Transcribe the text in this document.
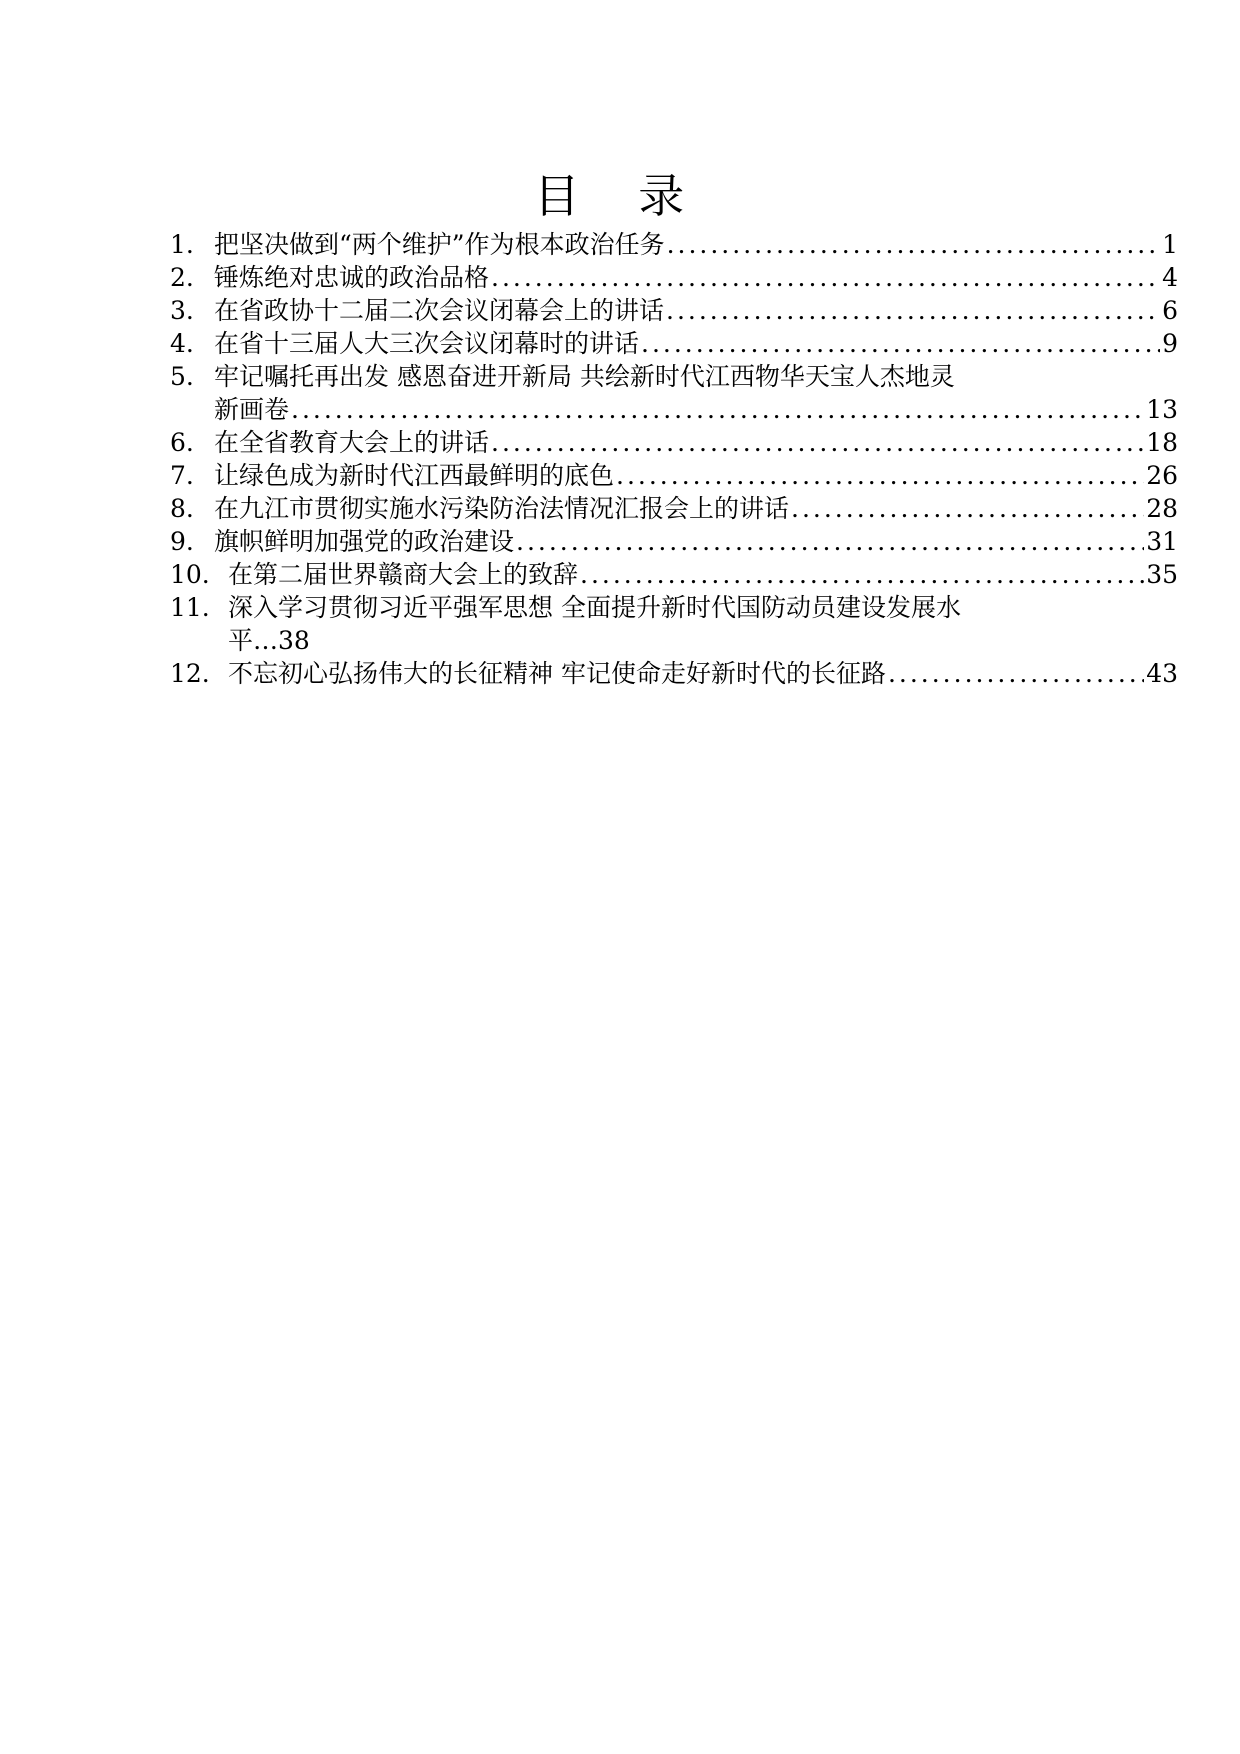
目 录
1. 把坚决做到“两个维护”作为根本政治任务 .....	1
2. 锤炼绝对忠诚的政治品格 .....	4
3. 在省政协十二届二次会议闭幕会上的讲话 .....	6
4. 在省十三届人大三次会议闭幕时的讲话 .....	9
5. 牢记嘱托再出发 感恩奋进开新局 共绘新时代江西物华天宝人杰地灵
新画卷 .....	13
6. 在全省教育大会上的讲话 .....	18
7. 让绿色成为新时代江西最鲜明的底色 .....	26
8. 在九江市贯彻实施水污染防治法情况汇报会上的讲话 .....	28
9. 旗帜鲜明加强党的政治建设 .....	31
10. 在第二届世界赣商大会上的致辞 .....	35
11. 深入学习贯彻习近平强军思想 全面提升新时代国防动员建设发展水
平…38
12. 不忘初心弘扬伟大的长征精神 牢记使命走好新时代的长征路 .....	43
